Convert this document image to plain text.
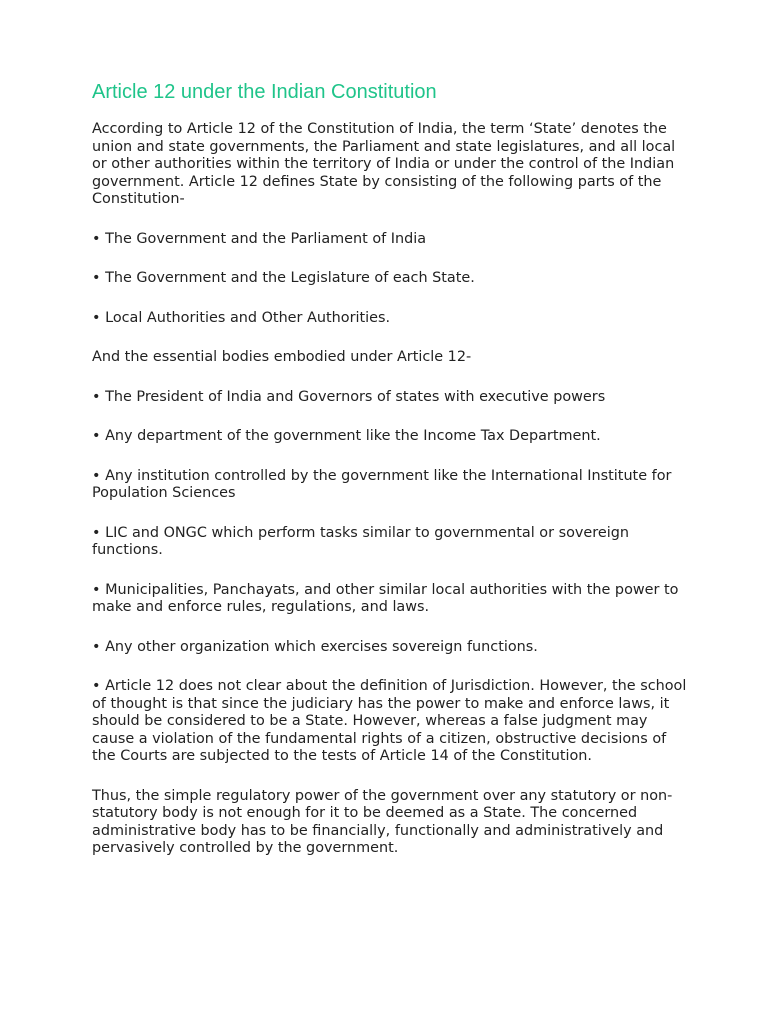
Article 12 under the Indian Constitution

According to Article 12 of the Constitution of India, the term ‘State’ denotes the union and state governments, the Parliament and state legislatures, and all local or other authorities within the territory of India or under the control of the Indian government. Article 12 defines State by consisting of the following parts of the Constitution-

• The Government and the Parliament of India

• The Government and the Legislature of each State.

• Local Authorities and Other Authorities.

And the essential bodies embodied under Article 12-

• The President of India and Governors of states with executive powers

• Any department of the government like the Income Tax Department.

• Any institution controlled by the government like the International Institute for Population Sciences

• LIC and ONGC which perform tasks similar to governmental or sovereign functions.

• Municipalities, Panchayats, and other similar local authorities with the power to make and enforce rules, regulations, and laws.

• Any other organization which exercises sovereign functions.

• Article 12 does not clear about the definition of Jurisdiction. However, the school of thought is that since the judiciary has the power to make and enforce laws, it should be considered to be a State. However, whereas a false judgment may cause a violation of the fundamental rights of a citizen, obstructive decisions of the Courts are subjected to the tests of Article 14 of the Constitution.

Thus, the simple regulatory power of the government over any statutory or non-statutory body is not enough for it to be deemed as a State. The concerned administrative body has to be financially, functionally and administratively and pervasively controlled by the government.
